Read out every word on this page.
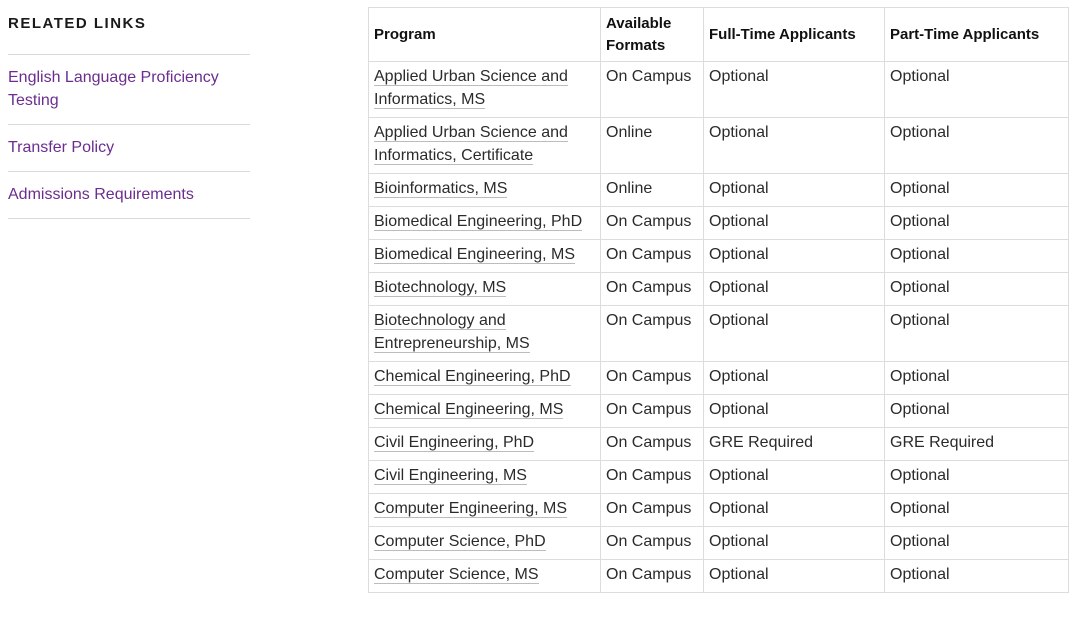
RELATED LINKS
English Language Proficiency Testing
Transfer Policy
Admissions Requirements
Program	Available Formats	Full-Time Applicants	Part-Time Applicants
Applied Urban Science and Informatics, MS	On Campus	Optional	Optional
Applied Urban Science and Informatics, Certificate	Online	Optional	Optional
Bioinformatics, MS	Online	Optional	Optional
Biomedical Engineering, PhD	On Campus	Optional	Optional
Biomedical Engineering, MS	On Campus	Optional	Optional
Biotechnology, MS	On Campus	Optional	Optional
Biotechnology and Entrepreneurship, MS	On Campus	Optional	Optional
Chemical Engineering, PhD	On Campus	Optional	Optional
Chemical Engineering, MS	On Campus	Optional	Optional
Civil Engineering, PhD	On Campus	GRE Required	GRE Required
Civil Engineering, MS	On Campus	Optional	Optional
Computer Engineering, MS	On Campus	Optional	Optional
Computer Science, PhD	On Campus	Optional	Optional
Computer Science, MS	On Campus	Optional	Optional
